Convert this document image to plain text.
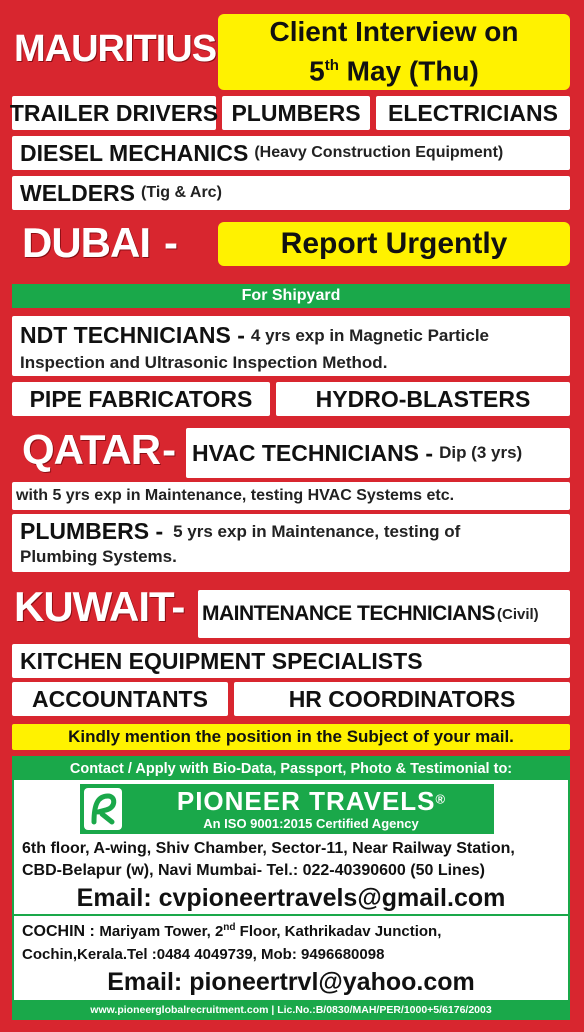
MAURITIUS	Client Interview on
5th May (Thu)
TRAILER DRIVERS PLUMBERS ELECTRICIANS
DIESEL MECHANICS (Heavy Construction Equipment)
WELDERS (Tig & Arc)
DUBAI -	Report Urgently
For Shipyard
NDT TECHNICIANS - 4 yrs exp in Magnetic Particle
Inspection and Ultrasonic Inspection Method.
PIPE FABRICATORS	HYDRO-BLASTERS
QATAR- HVAC TECHNICIANS - Dip (3 yrs)
with 5 yrs exp in Maintenance, testing HVAC Systems etc.
PLUMBERS - 5 yrs exp in Maintenance, testing of
Plumbing Systems.
KUWAIT- MAINTENANCE TECHNICIANS (Civil)
KITCHEN EQUIPMENT SPECIALISTS
ACCOUNTANTS	HR COORDINATORS
Kindly mention the position in the Subject of your mail.
Contact / Apply with Bio-Data, Passport, Photo & Testimonial to:
PIONEER TRAVELS®
An ISO 9001:2015 Certified Agency
6th floor, A-wing, Shiv Chamber, Sector-11, Near Railway Station,
CBD-Belapur (w), Navi Mumbai- Tel.: 022-40390600 (50 Lines)
Email: cvpioneertravels@gmail.com
COCHIN : Mariyam Tower, 2nd Floor, Kathrikadav Junction,
Cochin,Kerala.Tel :0484 4049739, Mob: 9496680098
Email: pioneertrvl@yahoo.com
www.pioneerglobalrecruitment.com | Lic.No.:B/0830/MAH/PER/1000+5/6176/2003
